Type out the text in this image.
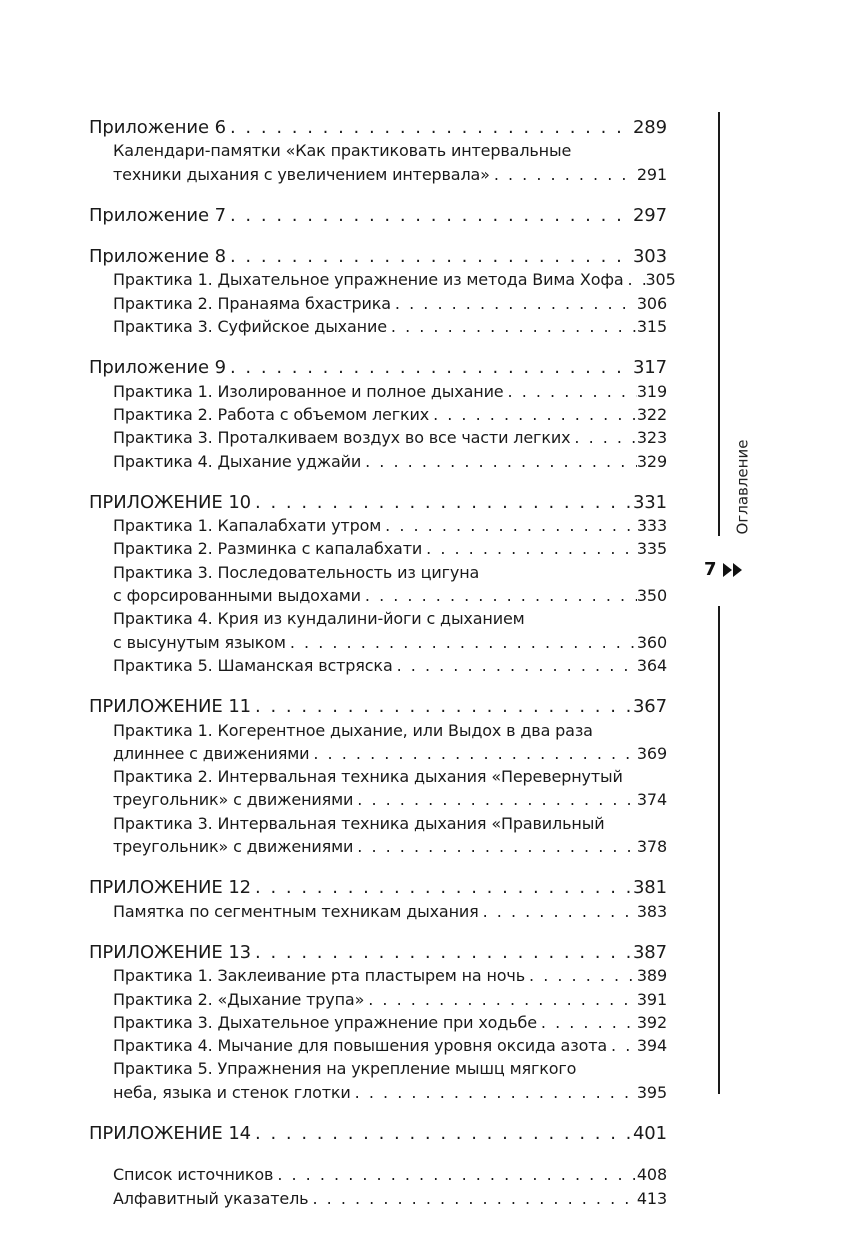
Приложение 6 . . .	289
Календари-памятки «Как практиковать интервальные
техники дыхания с увеличением интервала» . . .	291
Приложение 7 . . .	297
Приложение 8 . . .	303
Практика 1. Дыхательное упражнение из метода Вима Хофа . . . 305
Практика 2. Пранаяма бхастрика . . .	306
Практика 3. Суфийское дыхание . . .	315
Приложение 9 . . .	317
Практика 1. Изолированное и полное дыхание . . .	319
Практика 2. Работа с объемом легких . . .	322
Практика 3. Проталкиваем воздух во все части легких . . .	323
Практика 4. Дыхание уджайи . . .	329
ПРИЛОЖЕНИЕ 10 . . .	331
Практика 1. Капалабхати утром . . .	333
Практика 2. Разминка с капалабхати . . .	335
Практика 3. Последовательность из цигуна
с форсированными выдохами . . .	350
Практика 4. Крия из кундалини-йоги с дыханием
с высунутым языком . . .	360
Практика 5. Шаманская встряска . . .	364
ПРИЛОЖЕНИЕ 11 . . .	367
Практика 1. Когерентное дыхание, или Выдох в два раза
длиннее с движениями . . .	369
Практика 2. Интервальная техника дыхания «Перевернутый
треугольник» с движениями . . .	374
Практика 3. Интервальная техника дыхания «Правильный
треугольник» с движениями . . .	378
ПРИЛОЖЕНИЕ 12 . . .	381
Памятка по сегментным техникам дыхания . . .	383
ПРИЛОЖЕНИЕ 13 . . .	387
Практика 1. Заклеивание рта пластырем на ночь . . .	389
Практика 2. «Дыхание трупа» . . .	391
Практика 3. Дыхательное упражнение при ходьбе . . .	392
Практика 4. Мычание для повышения уровня оксида азота . . . 394
Практика 5. Упражнения на укрепление мышц мягкого
неба, языка и стенок глотки . . .	395
ПРИЛОЖЕНИЕ 14 . . .	401
Список источников . . .	408
Алфавитный указатель . . .	413
Оглавление
7
